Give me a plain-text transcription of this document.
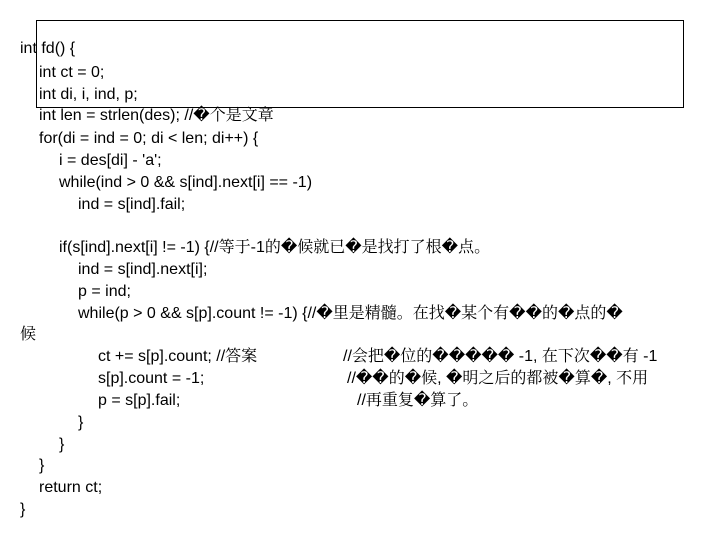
int fd() {
int ct = 0;
int di, i, ind, p;
int len = strlen(des); //�个是文章
for(di = ind = 0; di < len; di++) {
i = des[di] - 'a';
while(ind > 0 && s[ind].next[i] == -1)
ind = s[ind].fail;
if(s[ind].next[i] != -1) {//等于-1的�候就已�是找打了根�点。
ind = s[ind].next[i];
p = ind;
while(p > 0 && s[p].count != -1) {//�里是精髓。在找�某个有��的�点的�
候
ct += s[p].count; //答案
s[p].count = -1;
p = s[p].fail;
}
}
}
return ct;
}
//会把�位的����� -1, 在下次��有 -1
//��的�候, �明之后的都被�算�, 不用
//再重复�算了。
